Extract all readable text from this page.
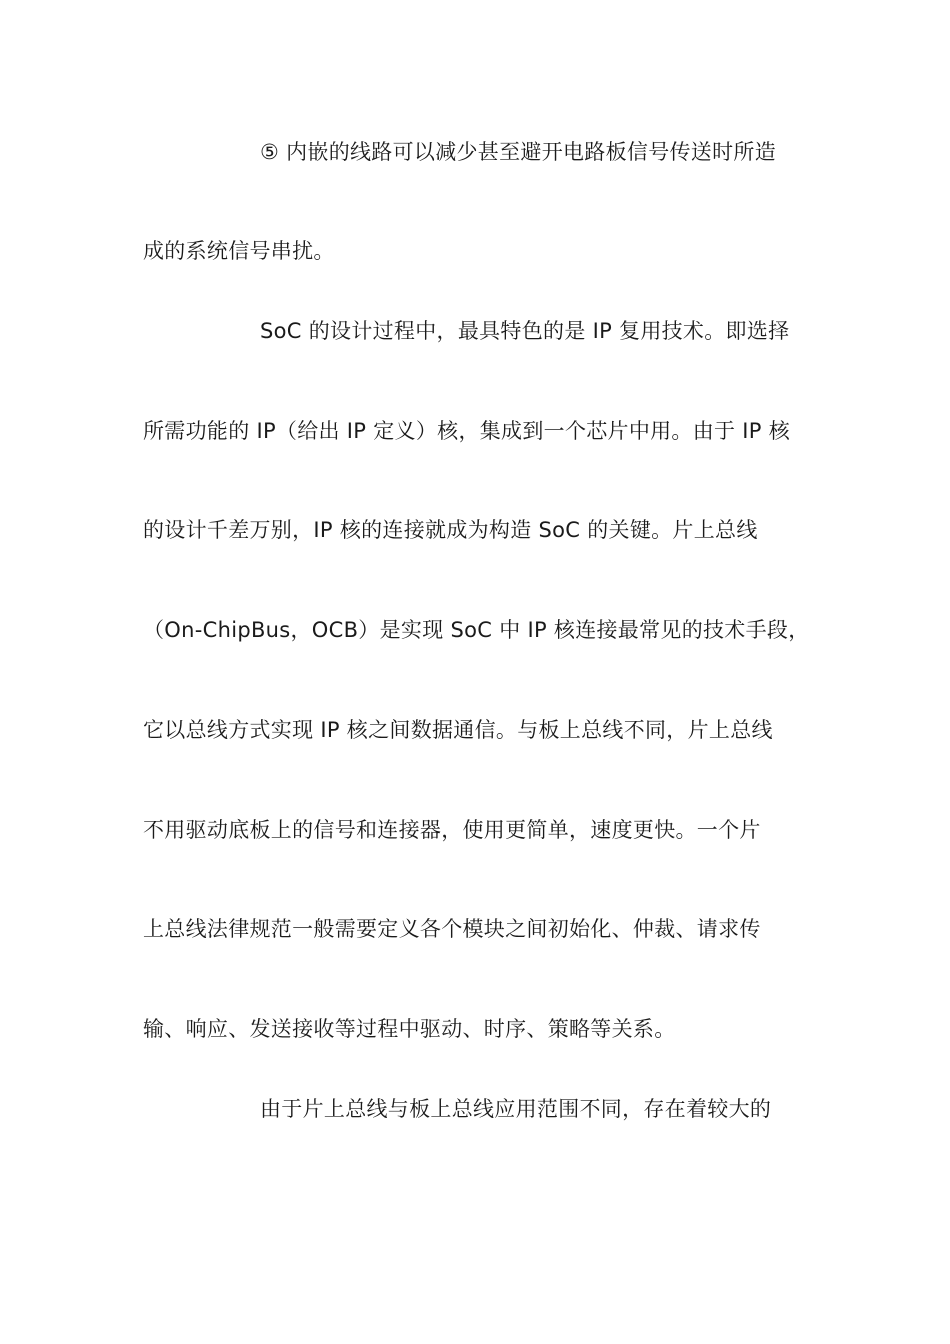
⑤ 内嵌的线路可以减少甚至避开电路板信号传送时所造
成的系统信号串扰。
SoC 的设计过程中，最具特色的是 IP 复用技术。即选择
所需功能的 IP（给出 IP 定义）核，集成到一个芯片中用。由于 IP 核
的设计千差万别，IP 核的连接就成为构造 SoC 的关键。片上总线
（On-ChipBus，OCB）是实现 SoC 中 IP 核连接最常见的技术手段，
它以总线方式实现 IP 核之间数据通信。与板上总线不同，片上总线
不用驱动底板上的信号和连接器，使用更简单，速度更快。一个片
上总线法律规范一般需要定义各个模块之间初始化、仲裁、请求传
输、响应、发送接收等过程中驱动、时序、策略等关系。
由于片上总线与板上总线应用范围不同，存在着较大的
